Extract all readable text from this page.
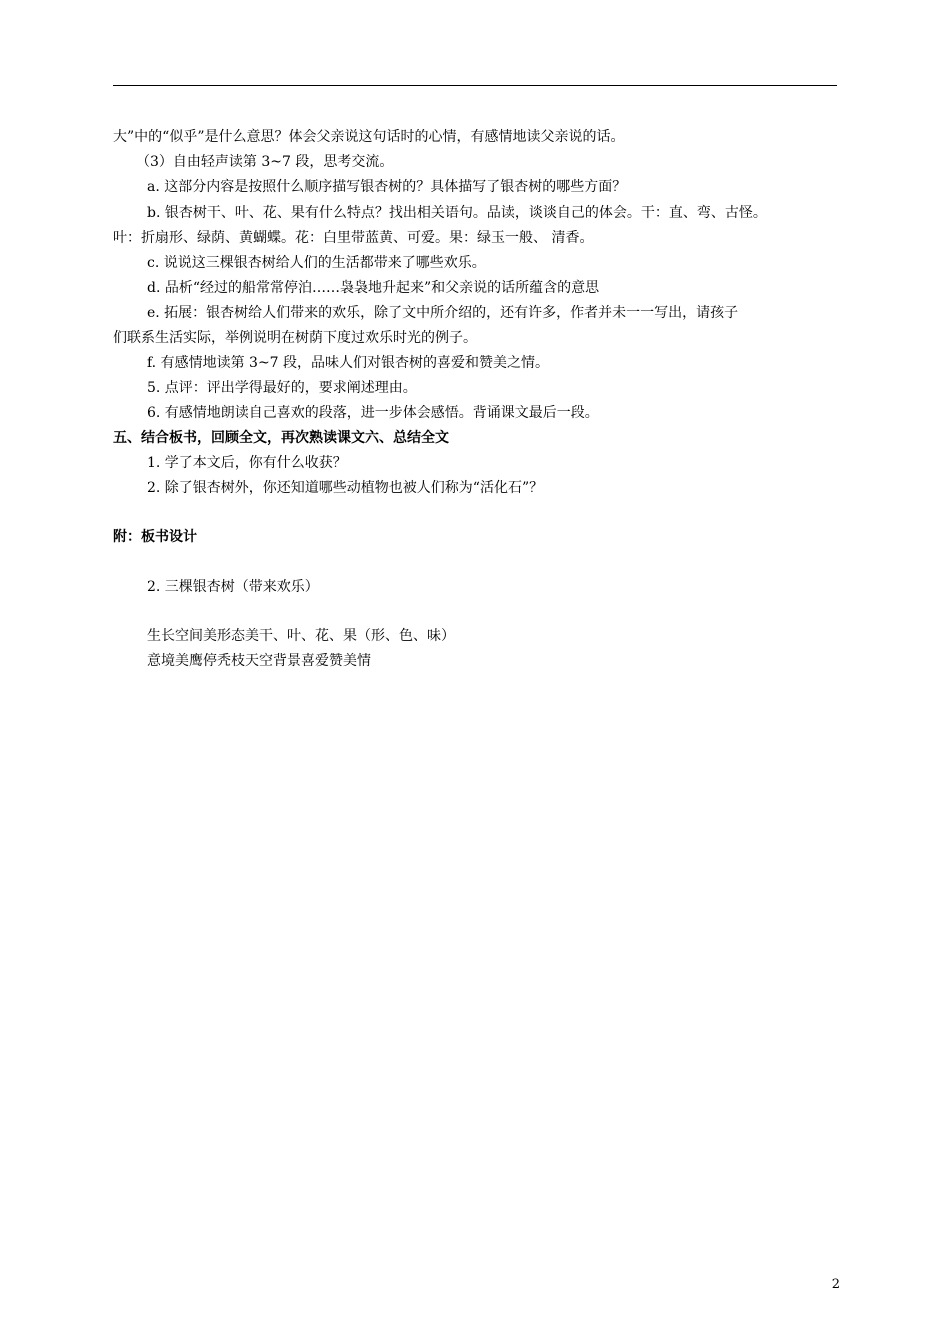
大”中的“似乎”是什么意思？体会父亲说这句话时的心情，有感情地读父亲说的话。
（3）自由轻声读第 3~7 段，思考交流。
a. 这部分内容是按照什么顺序描写银杏树的？具体描写了银杏树的哪些方面？
b. 银杏树干、叶、花、果有什么特点？找出相关语句。品读，谈谈自己的体会。干：直、弯、古怪。
叶：折扇形、绿荫、黄蝴蝶。花：白里带蓝黄、可爱。果：绿玉一般、 清香。
c. 说说这三棵银杏树给人们的生活都带来了哪些欢乐。
d. 品析“经过的船常常停泊……袅袅地升起来”和父亲说的话所蕴含的意思
e. 拓展：银杏树给人们带来的欢乐，除了文中所介绍的，还有许多，作者并未一一写出，请孩子
们联系生活实际，举例说明在树荫下度过欢乐时光的例子。
f. 有感情地读第 3~7 段，品味人们对银杏树的喜爱和赞美之情。
5. 点评：评出学得最好的，要求阐述理由。
6. 有感情地朗读自己喜欢的段落，进一步体会感悟。背诵课文最后一段。
五、结合板书，回顾全文，再次熟读课文六、总结全文
1. 学了本文后，你有什么收获？
2. 除了银杏树外，你还知道哪些动植物也被人们称为“活化石”？
附：板书设计
2. 三棵银杏树（带来欢乐）
生长空间美形态美干、叶、花、果（形、色、味）
意境美鹰停秃枝天空背景喜爱赞美情
2
